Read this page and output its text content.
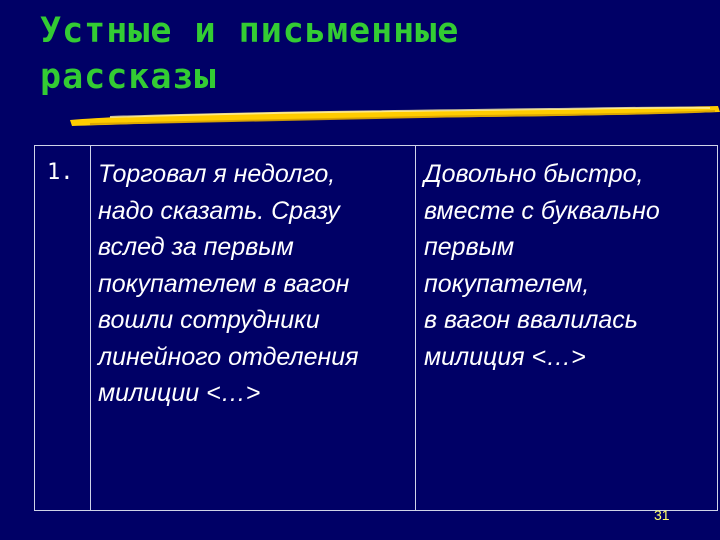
Устные и письменные
рассказы
1. Торговал я недолго,
надо сказать. Сразу
вслед за первым
покупателем в вагон
вошли сотрудники
линейного отделения
милиции <…>
Довольно быстро,
вместе с буквально
первым
покупателем,
в вагон ввалилась
милиция <…>
31
